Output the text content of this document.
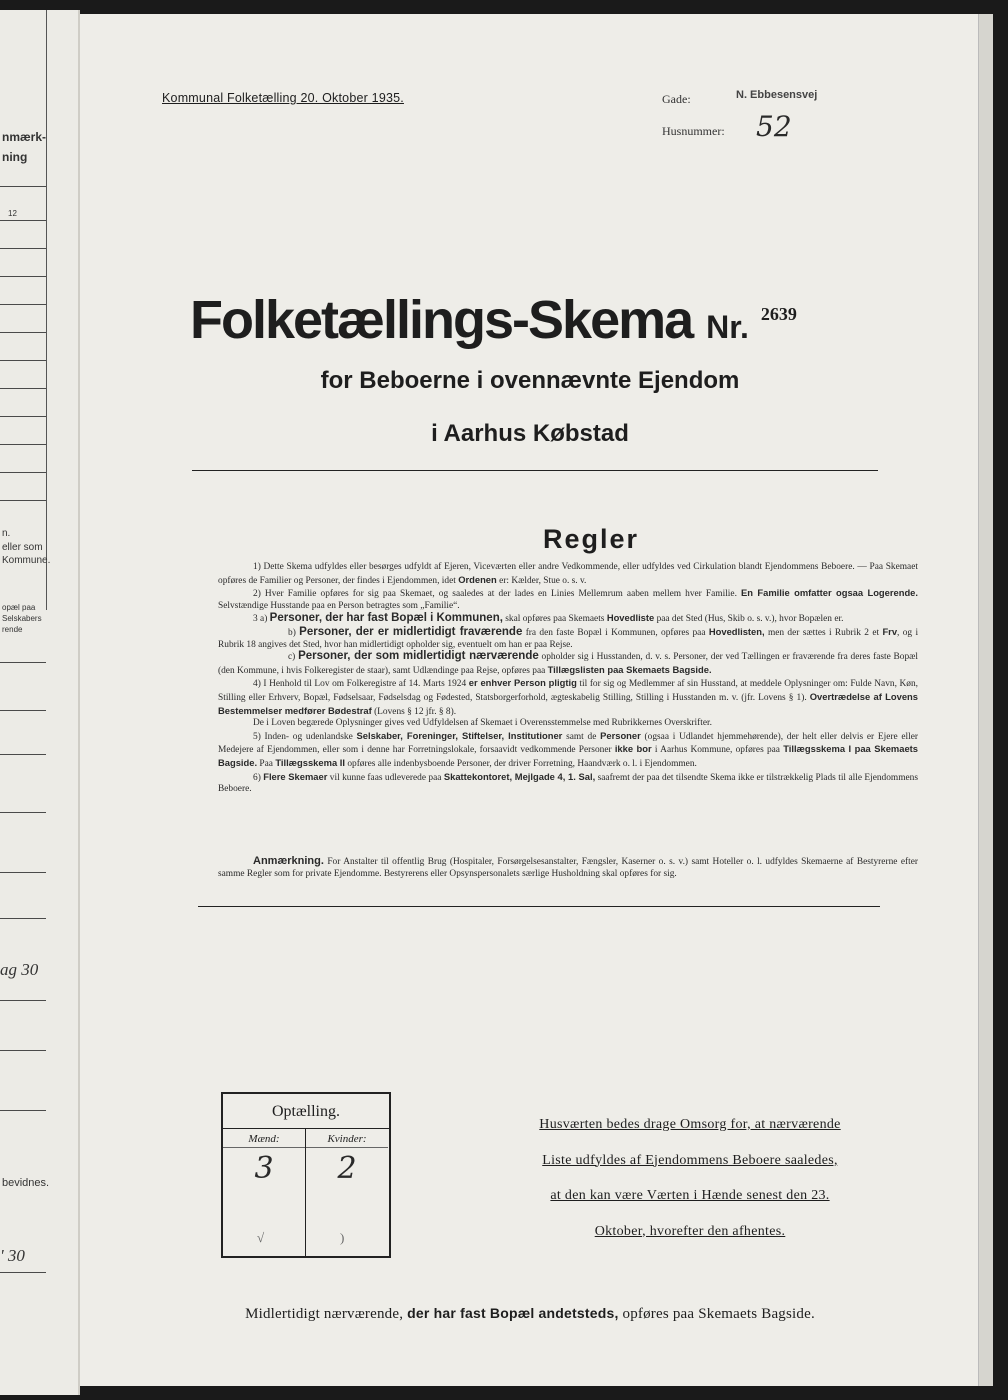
nmærk-
ning
12
n.
eller som
Kommune.
opæl paa
Selskabers
rende
ag 30
bevidnes.
' 30
Kommunal Folketælling 20. Oktober 1935.	Gade:	N. Ebbesensvej
Husnummer: 52
Folketællings-Skema Nr. $^{2639}$
for Beboerne i ovennævnte Ejendom
i Aarhus Købstad
Regler

1) Dette Skema udfyldes eller besørges udfyldt af Ejeren, Viceværten eller andre Vedkommende, eller udfyldes ved Cirkulation blandt Ejendommens Beboere. — Paa Skemaet opføres de Familier og Personer, der findes i Ejendommen, idet Ordenen er: Kælder, Stue o. s. v.

2) Hver Familie opføres for sig paa Skemaet, og saaledes at der lades en Linies Mellemrum aaben mellem hver Familie. En Familie omfatter ogsaa Logerende. Selvstændige Husstande paa en Person betragtes som „Familie“.

3 a) Personer, der har fast Bopæl i Kommunen, skal opføres paa Skemaets Hovedliste paa det Sted (Hus, Skib o. s. v.), hvor Bopælen er.

b) Personer, der er midlertidigt fraværende fra den faste Bopæl i Kommunen, opføres paa Hovedlisten, men der sættes i Rubrik 2 et Frv, og i Rubrik 18 angives det Sted, hvor han midlertidigt opholder sig, eventuelt om han er paa Rejse.

c) Personer, der som midlertidigt nærværende opholder sig i Husstanden, d. v. s. Personer, der ved Tællingen er fraværende fra deres faste Bopæl (den Kommune, i hvis Folkeregister de staar), samt Udlændinge paa Rejse, opføres paa Tillægslisten paa Skemaets Bagside.

4) I Henhold til Lov om Folkeregistre af 14. Marts 1924 er enhver Person pligtig til for sig og Medlemmer af sin Husstand, at meddele Oplysninger om: Fulde Navn, Køn, Stilling eller Erhverv, Bopæl, Fødselsaar, Fødselsdag og Fødested, Statsborgerforhold, ægteskabelig Stilling, Stilling i Husstanden m. v. (jfr. Lovens § 1). Overtrædelse af Lovens Bestemmelser medfører Bødestraf (Lovens § 12 jfr. § 8).

De i Loven begærede Oplysninger gives ved Udfyldelsen af Skemaet i Overensstemmelse med Rubrikkernes Overskrifter.

5) Inden- og udenlandske Selskaber, Foreninger, Stiftelser, Institutioner samt de Personer (ogsaa i Udlandet hjemmehørende), der helt eller delvis er Ejere eller Medejere af Ejendommen, eller som i denne har Forretningslokale, forsaavidt vedkommende Personer ikke bor i Aarhus Kommune, opføres paa Tillægsskema I paa Skemaets Bagside. Paa Tillægsskema II opføres alle indenbysboende Personer, der driver Forretning, Haandværk o. l. i Ejendommen.

6) Flere Skemaer vil kunne faas udleverede paa Skattekontoret, Mejlgade 4, 1. Sal, saafremt der paa det tilsendte Skema ikke er tilstrækkelig Plads til alle Ejendommens Beboere.

Anmærkning. For Anstalter til offentlig Brug (Hospitaler, Forsørgelsesanstalter, Fængsler, Kaserner o. s. v.) samt Hoteller o. l. udfyldes Skemaerne af Bestyrerne efter samme Regler som for private Ejendomme. Bestyrerens eller Opsynspersonalets særlige Husholdning skal opføres for sig.

Optælling.
Mænd:
3
√
Kvinder:
2
)
Husværten bedes drage Omsorg for, at nærværende
Liste udfyldes af Ejendommens Beboere saaledes,
at den kan være Værten i Hænde senest den 23.
Oktober, hvorefter den afhentes.
Midlertidigt nærværende, der har fast Bopæl andetsteds, opføres paa Skemaets Bagside.
